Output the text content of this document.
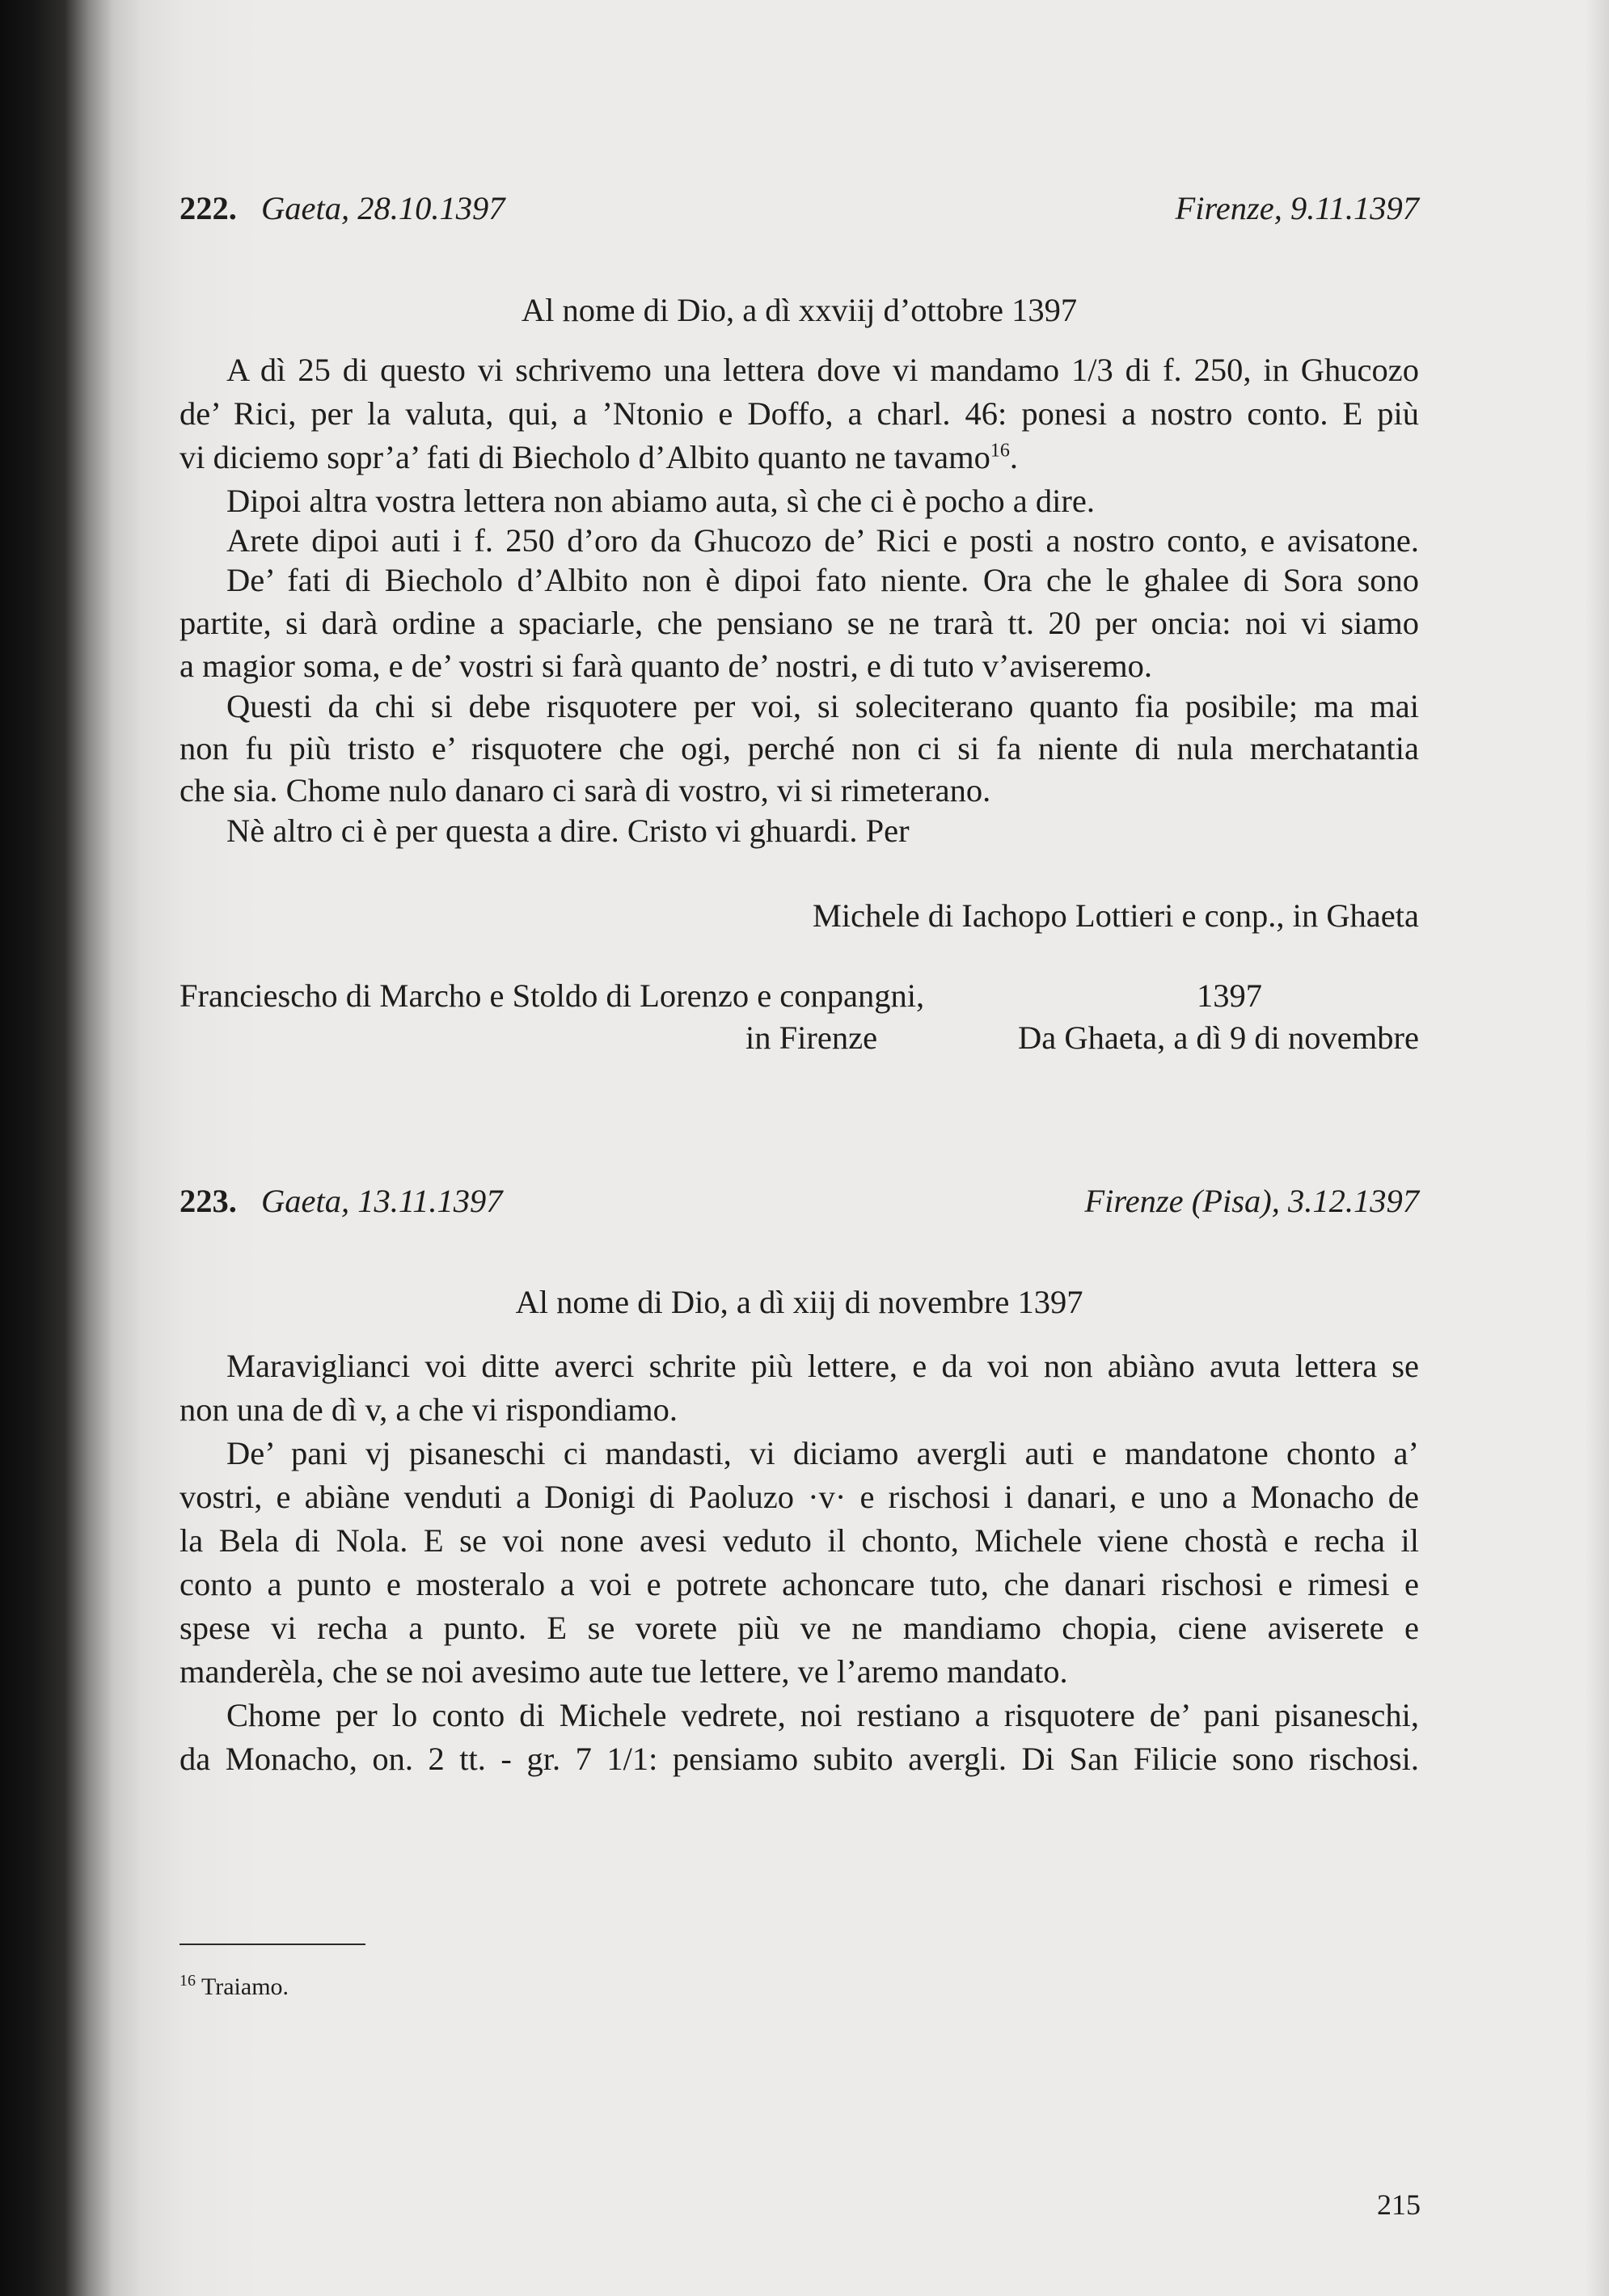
222. Gaeta, 28.10.1397	Firenze, 9.11.1397
Al nome di Dio, a dì xxviij d’ottobre 1397
A dì 25 di questo vi schrivemo una lettera dove vi mandamo 1/3 di f. 250, in Ghucozo
de’ Rici, per la valuta, qui, a ’Ntonio e Doffo, a charl. 46: ponesi a nostro conto. E più
vi diciemo sopr’a’ fati di Biecholo d’Albito quanto ne tavamo$^{16}$.
Dipoi altra vostra lettera non abiamo auta, sì che ci è pocho a dire.
Arete dipoi auti i f. 250 d’oro da Ghucozo de’ Rici e posti a nostro conto, e avisatone.
De’ fati di Biecholo d’Albito non è dipoi fato niente. Ora che le ghalee di Sora sono
partite, si darà ordine a spaciarle, che pensiano se ne trarà tt. 20 per oncia: noi vi siamo
a magior soma, e de’ vostri si farà quanto de’ nostri, e di tuto v’aviseremo.
Questi da chi si debe risquotere per voi, si soleciterano quanto fia posibile; ma mai
non fu più tristo e’ risquotere che ogi, perché non ci si fa niente di nula merchatantia
che sia. Chome nulo danaro ci sarà di vostro, vi si rimeterano.
Nè altro ci è per questa a dire. Cristo vi ghuardi. Per
Michele di Iachopo Lottieri e conp., in Ghaeta
Franciescho di Marcho e Stoldo di Lorenzo e conpangni,	1397
in Firenze	Da Ghaeta, a dì 9 di novembre
223. Gaeta, 13.11.1397	Firenze (Pisa), 3.12.1397
Al nome di Dio, a dì xiij di novembre 1397
Maraviglianci voi ditte averci schrite più lettere, e da voi non abiàno avuta lettera se
non una de dì v, a che vi rispondiamo.
De’ pani vj pisaneschi ci mandasti, vi diciamo avergli auti e mandatone chonto a’
vostri, e abiàne venduti a Donigi di Paoluzo ·v· e rischosi i danari, e uno a Monacho de
la Bela di Nola. E se voi none avesi veduto il chonto, Michele viene chostà e recha il
conto a punto e mosteralo a voi e potrete achoncare tuto, che danari rischosi e rimesi e
spese vi recha a punto. E se vorete più ve ne mandiamo chopia, ciene aviserete e
manderèla, che se noi avesimo aute tue lettere, ve l’aremo mandato.
Chome per lo conto di Michele vedrete, noi restiano a risquotere de’ pani pisaneschi,
da Monacho, on. 2 tt. - gr. 7 1/1: pensiamo subito avergli. Di San Filicie sono rischosi.
$^{16}$ Traiamo.
215
